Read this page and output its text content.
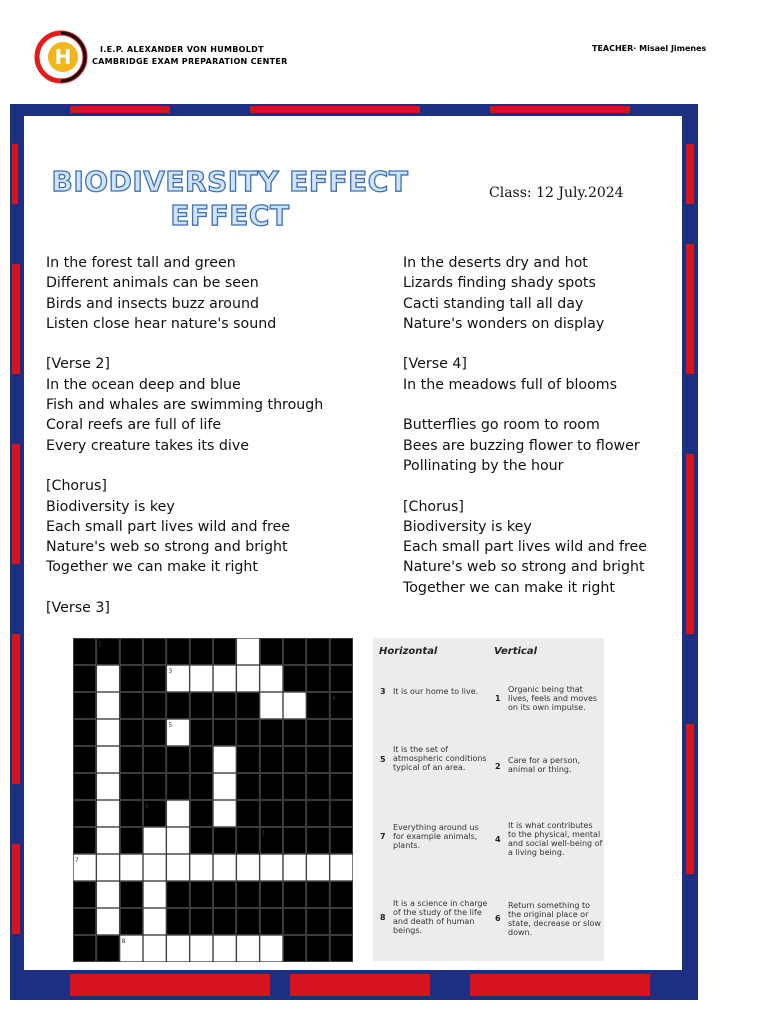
H	I.E.P. ALEXANDER VON HUMBOLDT
CAMBRIDGE EXAM PREPARATION CENTER
TEACHER· Misael Jimenes
BIODIVERSITY EFFECT
EFFECT
Class: 12 July.2024
In the forest tall and green
Different animals can be seen
Birds and insects buzz around
Listen close hear nature's sound
[Verse 2]
In the ocean deep and blue
Fish and whales are swimming through
Coral reefs are full of life
Every creature takes its dive
[Chorus]
Biodiversity is key
Each small part lives wild and free
Nature's web so strong and bright
Together we can make it right
[Verse 3]
In the deserts dry and hot
Lizards finding shady spots
Cacti standing tall all day
Nature's wonders on display
[Verse 4]
In the meadows full of blooms
Butterflies go room to room
Bees are buzzing flower to flower
Pollinating by the hour
[Chorus]
Biodiversity is key
Each small part lives wild and free
Nature's web so strong and bright
Together we can make it right
1
2
3
4
5
6
7
8
Horizontal	Vertical
3 It is our home to live.
5
It is the set of atmospheric conditions typical of an area.
7
Everything around us for example animals, plants.
8
It is a science in charge of the study of the life and death of human beings.
1
Organic being that lives, feels and moves on its own impulse.
2
Care for a person, animal or thing.
4
It is what contributes to the physical, mental and social well-being of a living being.
6
Return something to the original place or state, decrease or slow down.
